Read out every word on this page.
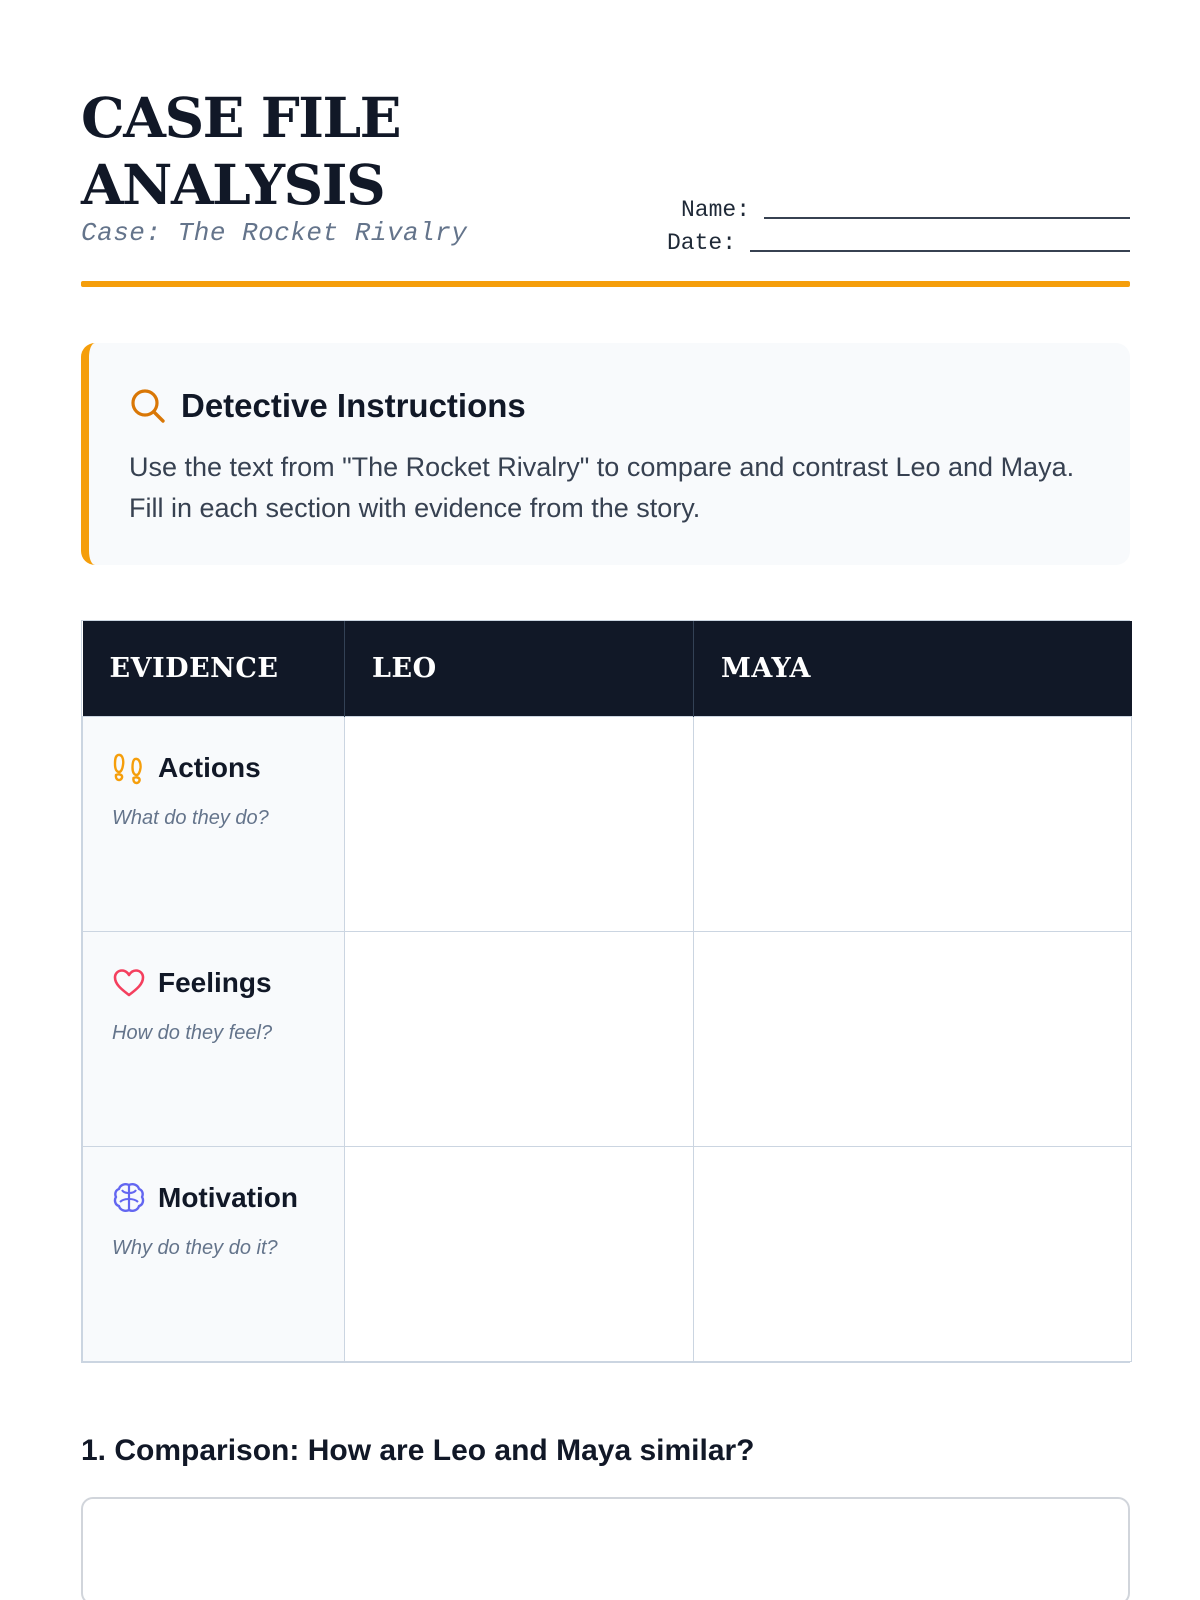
CASE FILE
ANALYSIS
Case: The Rocket Rivalry
Name:
Date:
Detective Instructions
Use the text from "The Rocket Rivalry" to compare and contrast Leo and Maya. Fill in each section with evidence from the story.
EVIDENCE	LEO	MAYA

Actions
What do they do?		

Feelings
How do they feel?		

Motivation
Why do they do it?		

1. Comparison: How are Leo and Maya similar?
